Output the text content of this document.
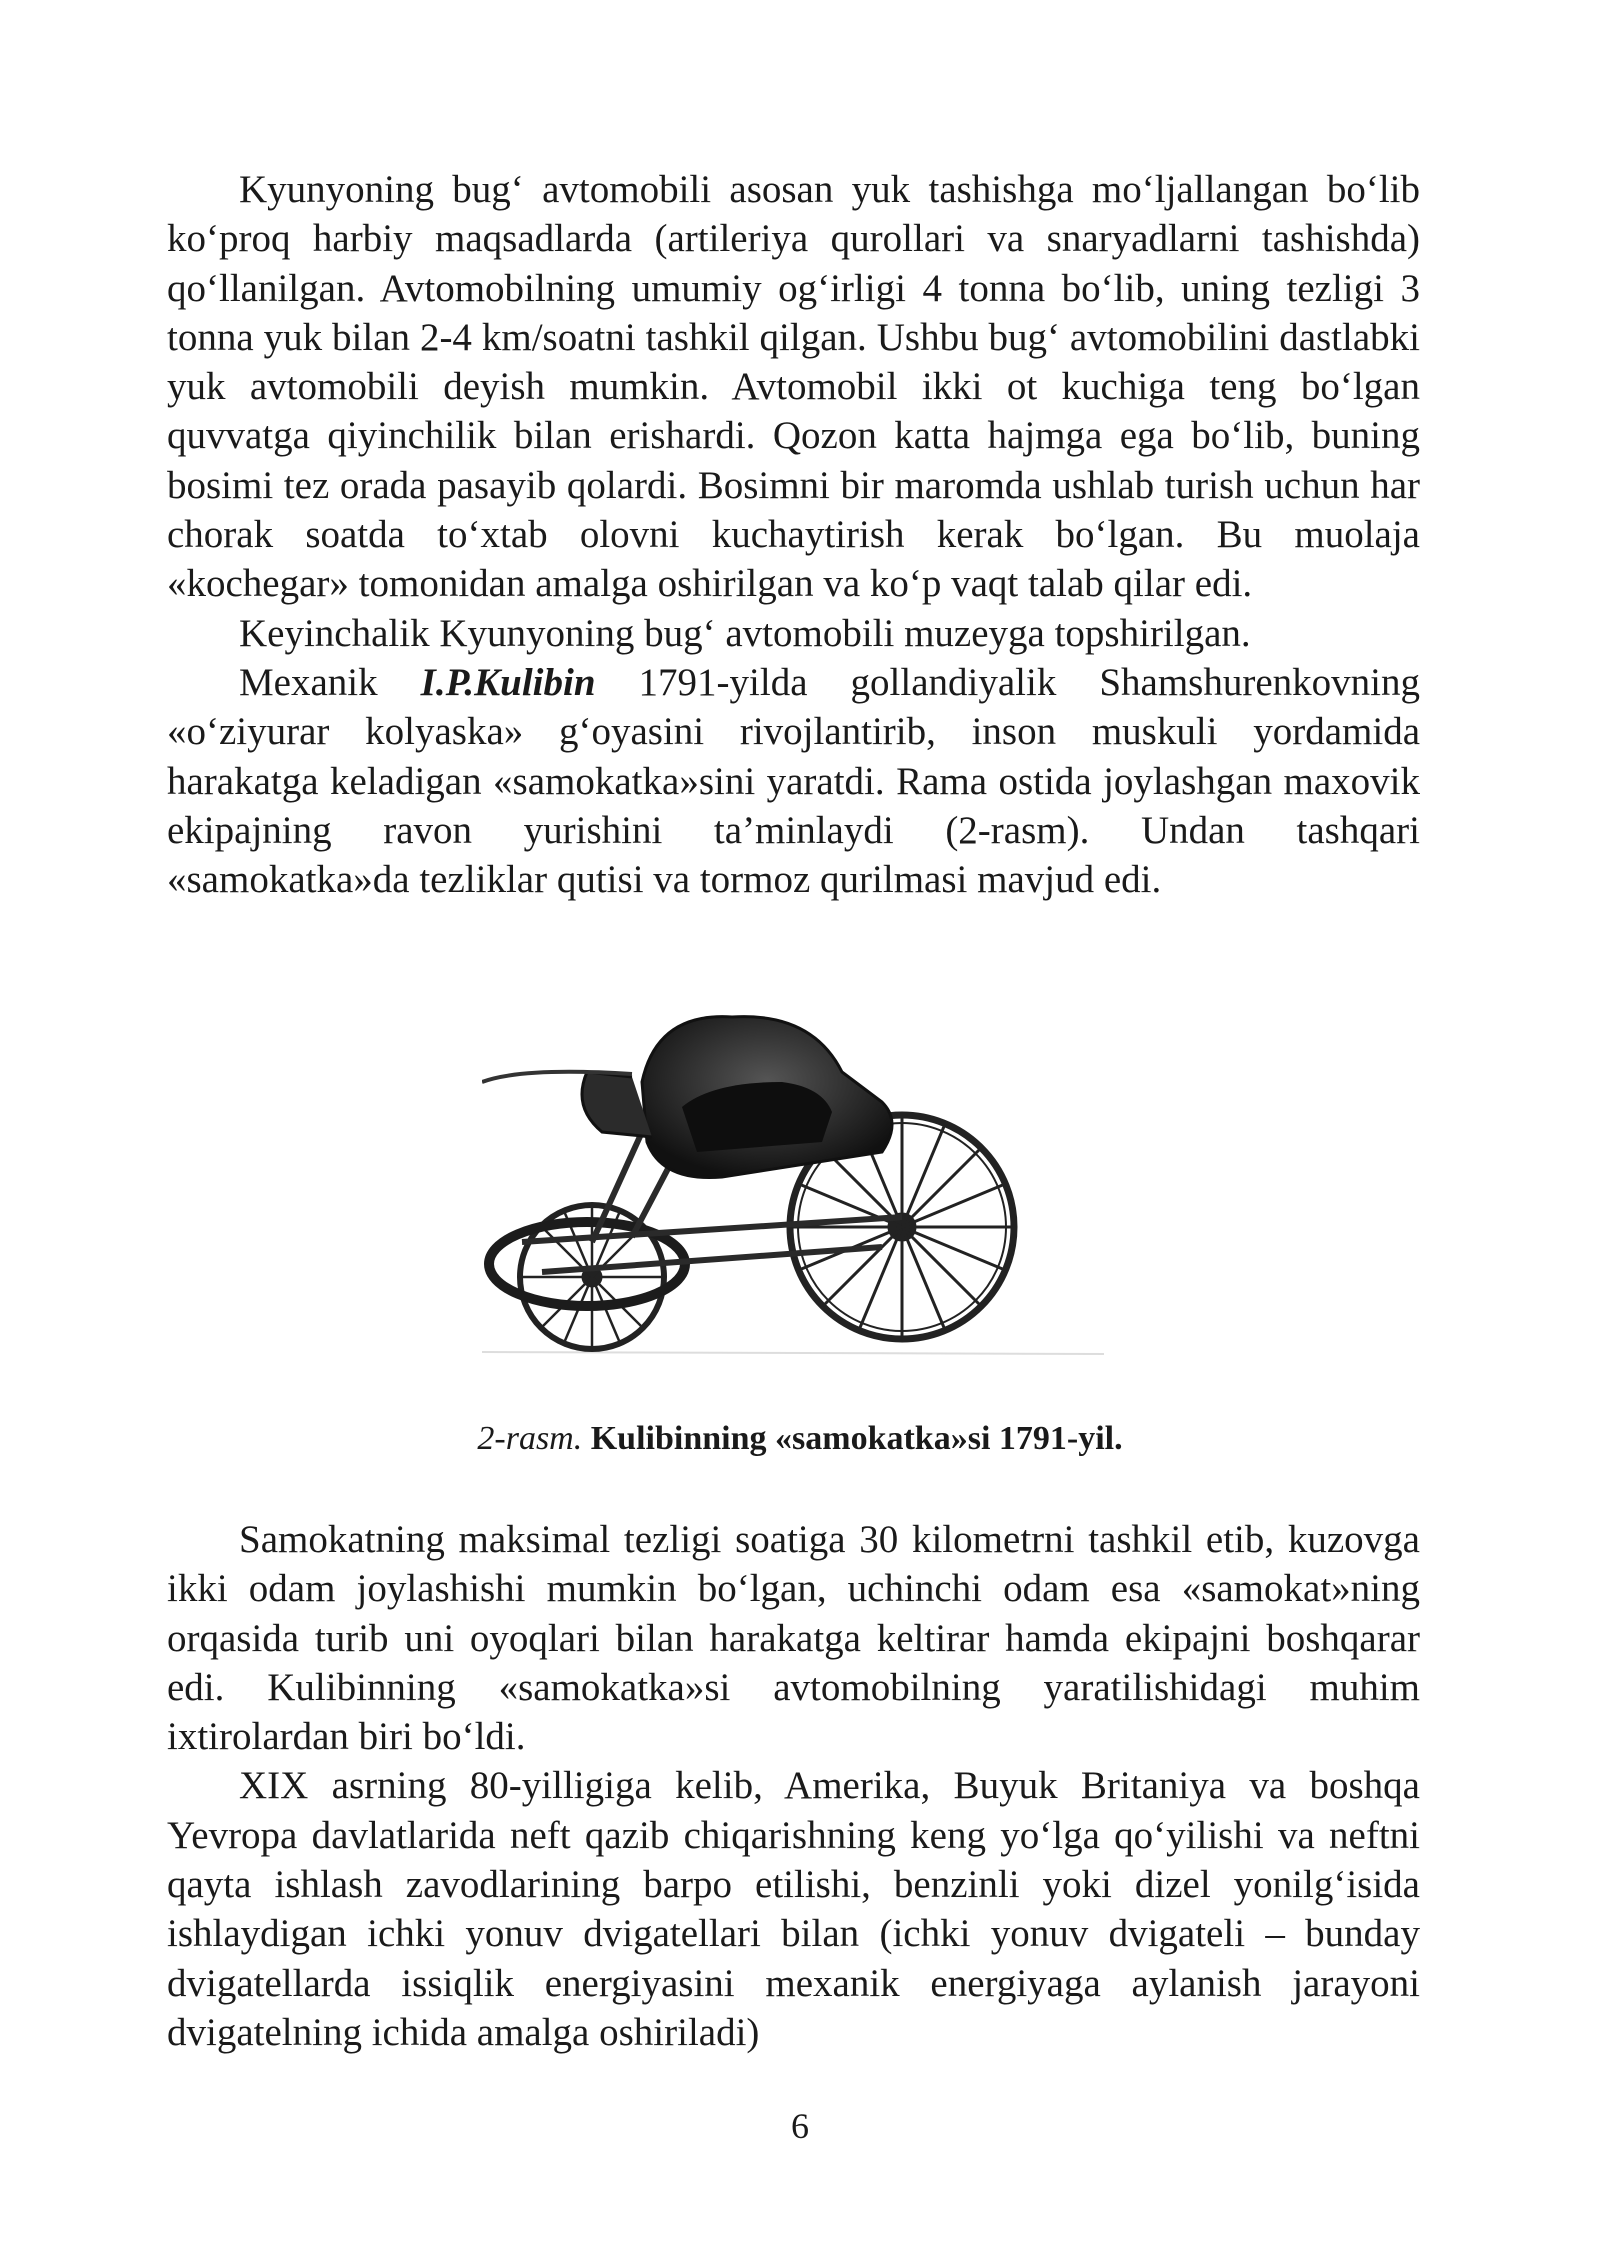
Kyunyoning bug‘ avtomobili asosan yuk tashishga mo‘ljallangan bo‘lib ko‘proq harbiy maqsadlarda (artileriya qurollari va snaryadlarni tashishda) qo‘llanilgan. Avtomobilning umumiy og‘irligi 4 tonna bo‘lib, uning tezligi 3 tonna yuk bilan 2-4 km/soatni tashkil qilgan. Ushbu bug‘ avtomobilini dastlabki yuk avtomobili deyish mumkin. Avtomobil ikki ot kuchiga teng bo‘lgan quvvatga qiyinchilik bilan erishardi. Qozon katta hajmga ega bo‘lib, buning bosimi tez orada pasayib qolardi. Bosimni bir maromda ushlab turish uchun har chorak soatda to‘xtab olovni kuchaytirish kerak bo‘lgan. Bu muolaja «kochegar» tomonidan amalga oshirilgan va ko‘p vaqt talab qilar edi.

Keyinchalik Kyunyoning bug‘ avtomobili muzeyga topshirilgan.

Mexanik I.P.Kulibin 1791-yilda gollandiyalik Shamshurenkovning «o‘ziyurar kolyaska» g‘oyasini rivojlantirib, inson muskuli yordamida harakatga keladigan «samokatka»sini yaratdi. Rama ostida joylashgan maxovik ekipajning ravon yurishini ta’minlaydi (2-rasm). Undan tashqari «samokatka»da tezliklar qutisi va tormoz qurilmasi mavjud edi.

2-rasm. Kulibinning «samokatka»si 1791-yil.

Samokatning maksimal tezligi soatiga 30 kilometrni tashkil etib, kuzovga ikki odam joylashishi mumkin bo‘lgan, uchinchi odam esa «samokat»ning orqasida turib uni oyoqlari bilan harakatga keltirar hamda ekipajni boshqarar edi. Kulibinning «samokatka»si avtomobilning yaratilishidagi muhim ixtirolardan biri bo‘ldi.

XIX asrning 80-yilligiga kelib, Amerika, Buyuk Britaniya va boshqa Yevropa davlatlarida neft qazib chiqarishning keng yo‘lga qo‘yilishi va neftni qayta ishlash zavodlarining barpo etilishi, benzinli yoki dizel yonilg‘isida ishlaydigan ichki yonuv dvigatellari bilan (ichki yonuv dvigateli – bunday dvigatellarda issiqlik energiyasini mexanik energiyaga aylanish jarayoni dvigatelning ichida amalga oshiriladi)

6
